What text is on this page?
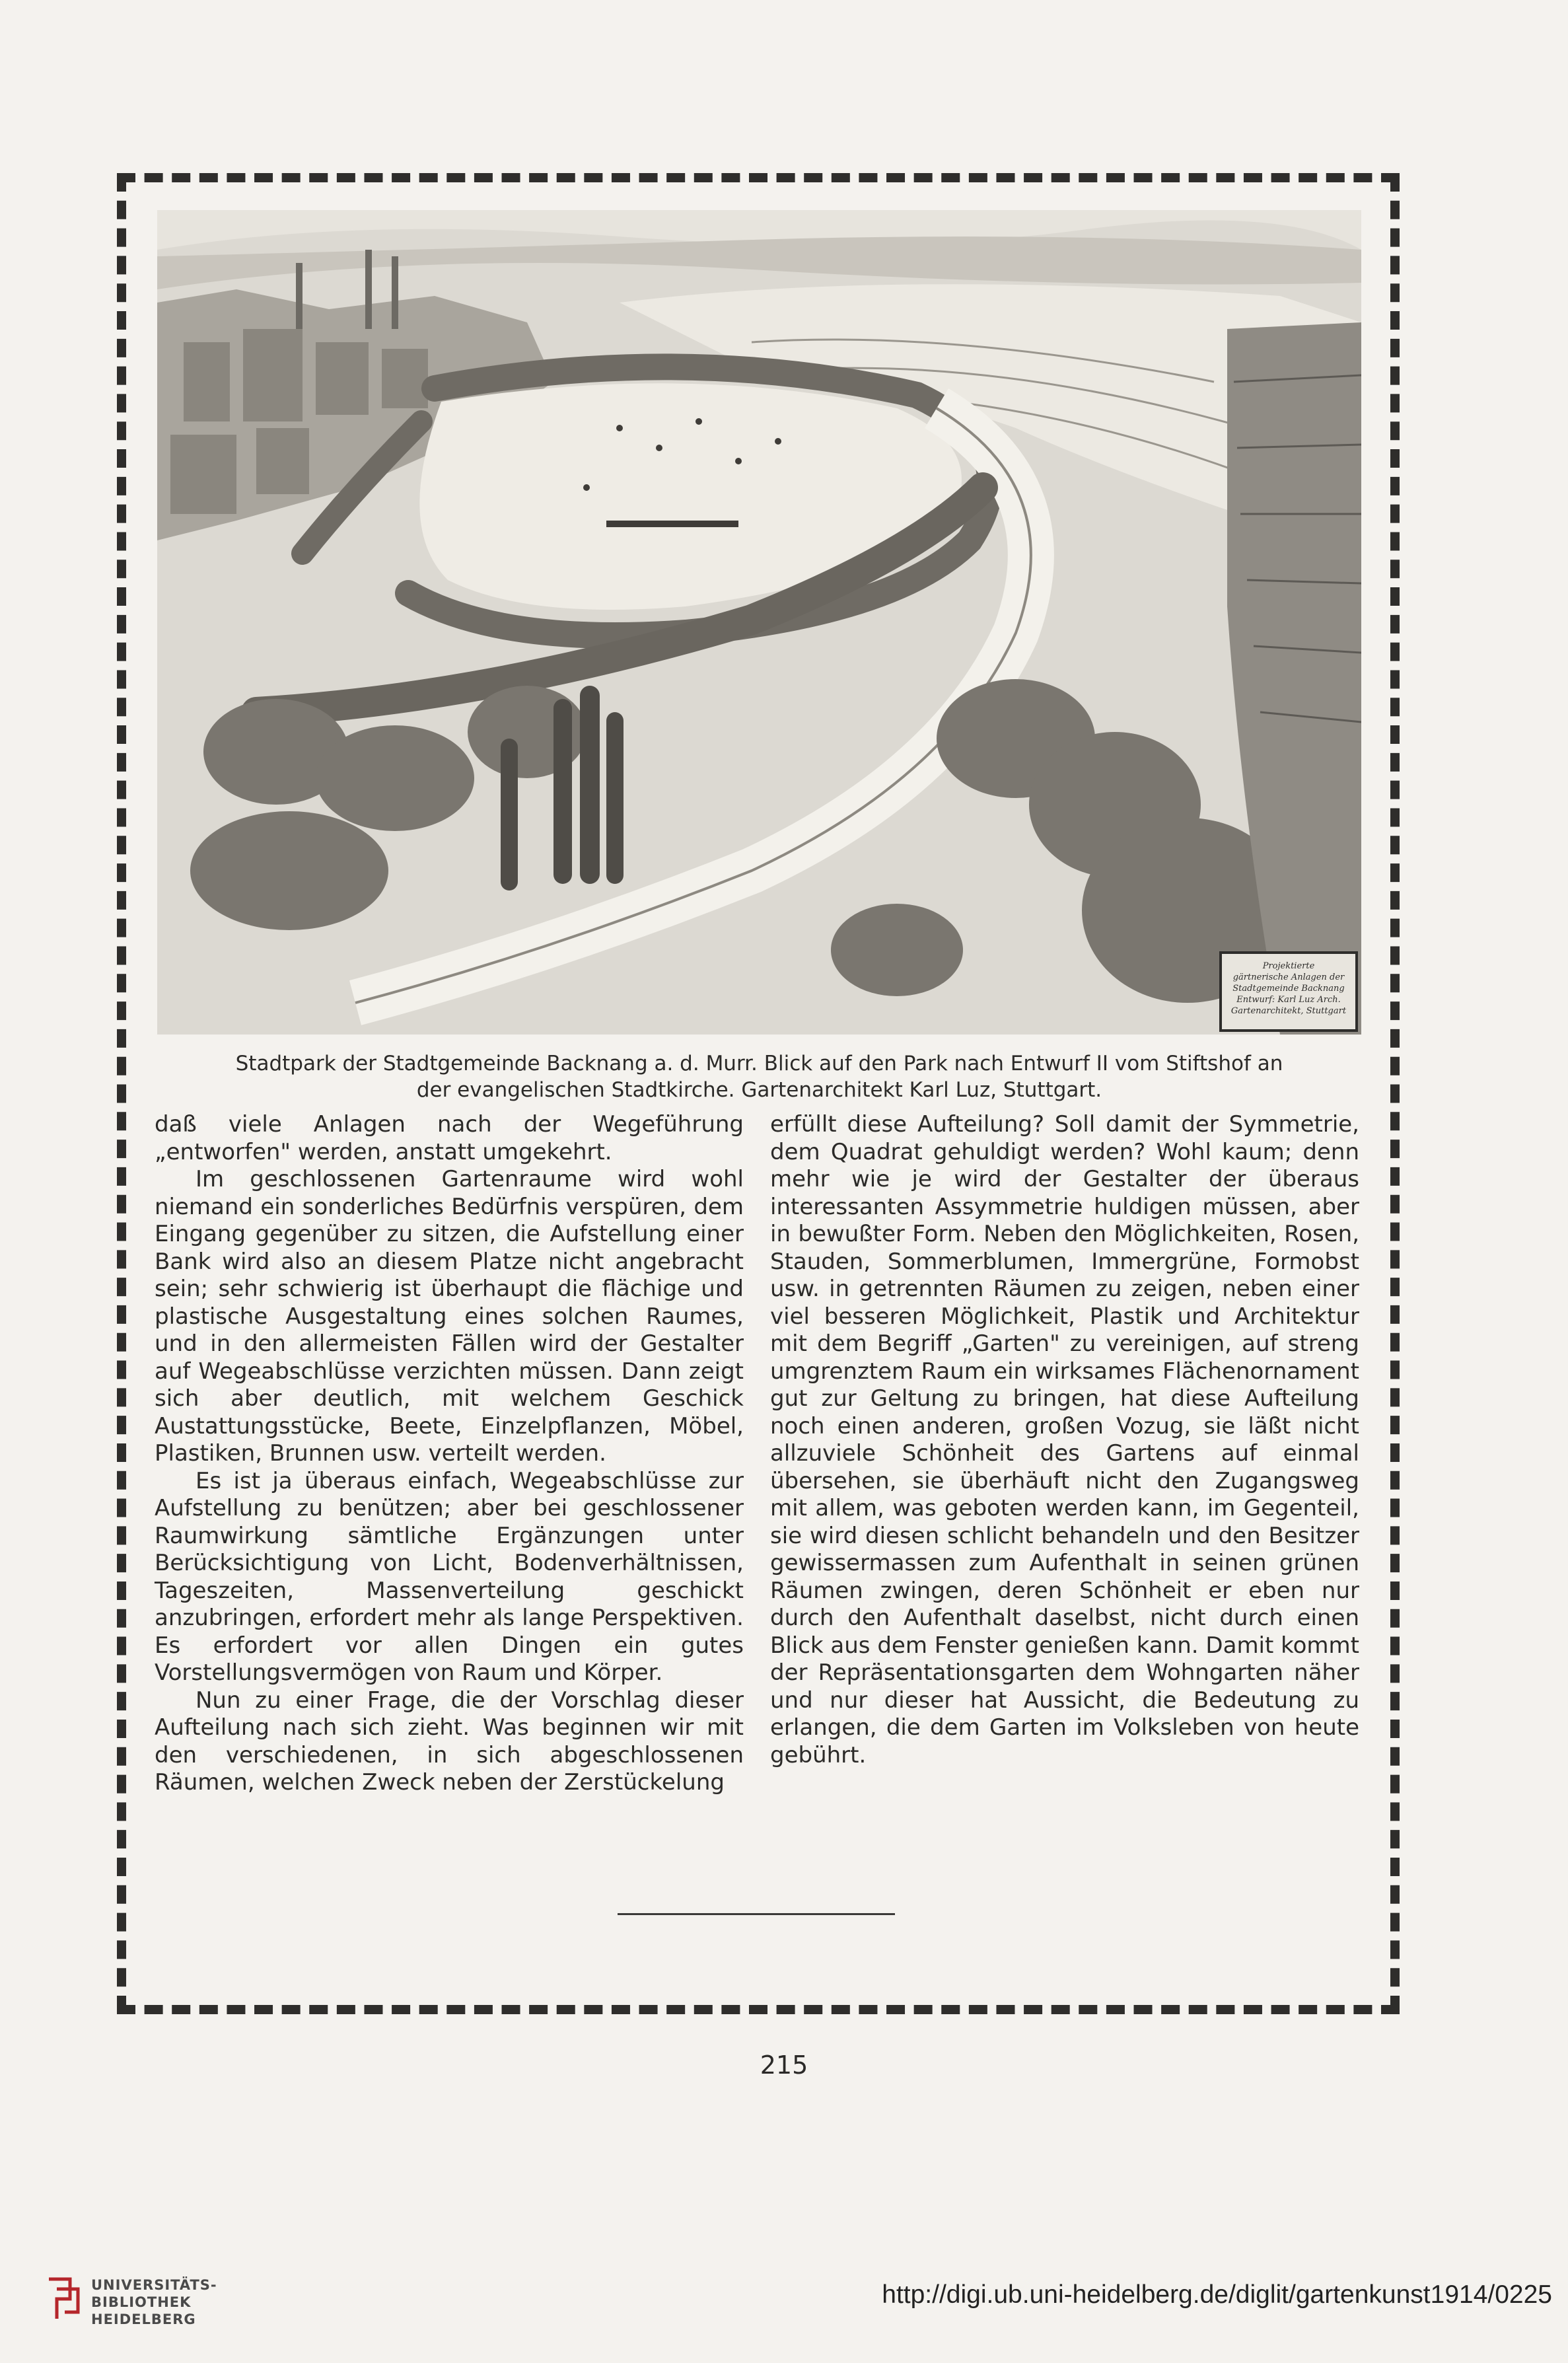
Projektierte
gärtnerische Anlagen der
Stadtgemeinde Backnang
Entwurf: Karl Luz Arch.
Gartenarchitekt, Stuttgart
Stadtpark der Stadtgemeinde Backnang a. d. Murr. Blick auf den Park nach Entwurf II vom Stiftshof an
der evangelischen Stadtkirche. Gartenarchitekt Karl Luz, Stuttgart.

daß viele Anlagen nach der Wegeführung „entworfen" werden, anstatt umgekehrt.

Im geschlossenen Gartenraume wird wohl niemand ein sonderliches Bedürfnis verspüren, dem Eingang gegenüber zu sitzen, die Aufstellung einer Bank wird also an diesem Platze nicht angebracht sein; sehr schwierig ist überhaupt die flächige und plastische Ausgestaltung eines solchen Raumes, und in den allermeisten Fällen wird der Gestalter auf Wegeabschlüsse verzichten müssen. Dann zeigt sich aber deutlich, mit welchem Geschick Austattungsstücke, Beete, Einzelpflanzen, Möbel, Plastiken, Brunnen usw. verteilt werden.

Es ist ja überaus einfach, Wegeabschlüsse zur Aufstellung zu benützen; aber bei geschlossener Raumwirkung sämtliche Ergänzungen unter Berücksichtigung von Licht, Bodenverhältnissen, Tageszeiten, Massenverteilung geschickt anzubringen, erfordert mehr als lange Perspektiven. Es erfordert vor allen Dingen ein gutes Vorstellungsvermögen von Raum und Körper.

Nun zu einer Frage, die der Vorschlag dieser Aufteilung nach sich zieht. Was beginnen wir mit den verschiedenen, in sich abgeschlossenen Räumen, welchen Zweck neben der Zerstückelung

erfüllt diese Aufteilung? Soll damit der Symmetrie, dem Quadrat gehuldigt werden? Wohl kaum; denn mehr wie je wird der Gestalter der überaus interessanten Assymmetrie huldigen müssen, aber in bewußter Form. Neben den Möglichkeiten, Rosen, Stauden, Sommerblumen, Immergrüne, Formobst usw. in getrennten Räumen zu zeigen, neben einer viel besseren Möglichkeit, Plastik und Architektur mit dem Begriff „Garten" zu vereinigen, auf streng umgrenztem Raum ein wirksames Flächenornament gut zur Geltung zu bringen, hat diese Aufteilung noch einen anderen, großen Vozug, sie läßt nicht allzuviele Schönheit des Gartens auf einmal übersehen, sie überhäuft nicht den Zugangsweg mit allem, was geboten werden kann, im Gegenteil, sie wird diesen schlicht behandeln und den Besitzer gewissermassen zum Aufenthalt in seinen grünen Räumen zwingen, deren Schönheit er eben nur durch den Aufenthalt daselbst, nicht durch einen Blick aus dem Fenster genießen kann. Damit kommt der Repräsentationsgarten dem Wohngarten näher und nur dieser hat Aussicht, die Bedeutung zu erlangen, die dem Garten im Volksleben von heute gebührt.

215
UNIVERSITÄTS-
BIBLIOTHEK
HEIDELBERG
http://digi.ub.uni-heidelberg.de/diglit/gartenkunst1914/0225
